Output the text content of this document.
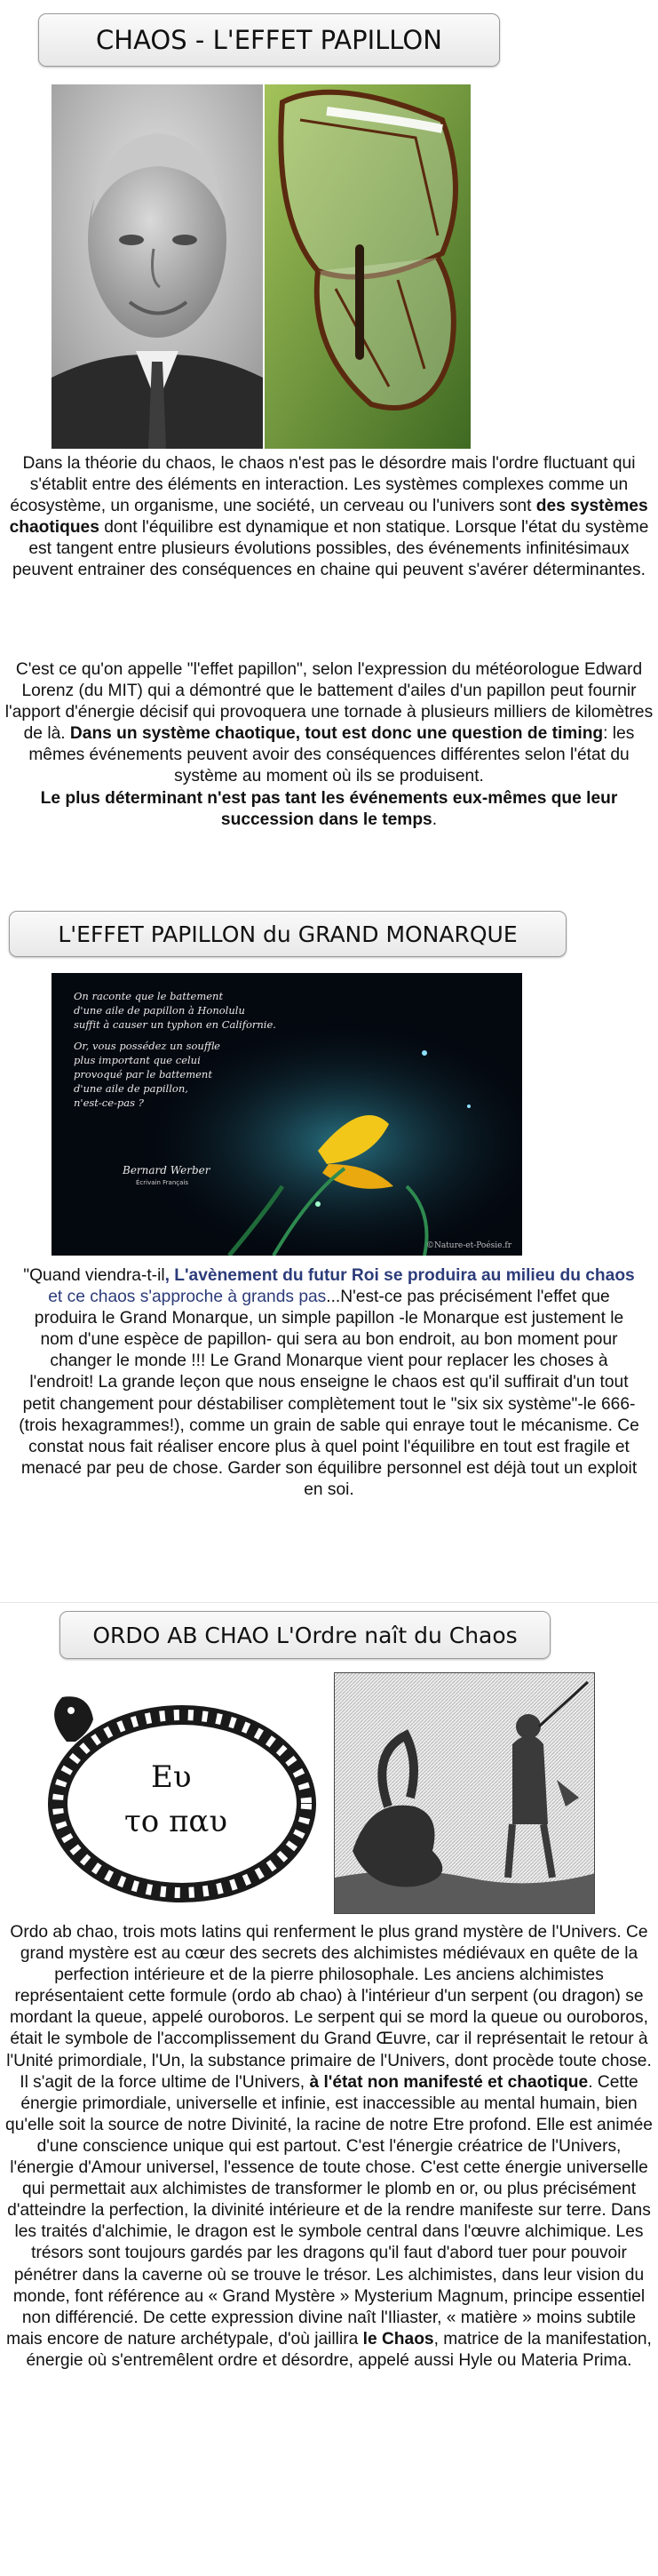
CHAOS - L'EFFET PAPILLON

Dans la théorie du chaos, le chaos n'est pas le désordre mais l'ordre fluctuant qui s'établit entre des éléments en interaction. Les systèmes complexes comme un écosystème, un organisme, une société, un cerveau ou l'univers sont des systèmes chaotiques dont l'équilibre est dynamique et non statique. Lorsque l'état du système est tangent entre plusieurs évolutions possibles, des événements infinitésimaux peuvent entrainer des conséquences en chaine qui peuvent s'avérer déterminantes.

C'est ce qu'on appelle "l'effet papillon", selon l'expression du météorologue Edward Lorenz (du MIT) qui a démontré que le battement d'ailes d'un papillon peut fournir l'apport d'énergie décisif qui provoquera une tornade à plusieurs milliers de kilomètres de là. Dans un système chaotique, tout est donc une question de timing: les mêmes événements peuvent avoir des conséquences différentes selon l'état du système au moment où ils se produisent.
Le plus déterminant n'est pas tant les événements eux-mêmes que leur succession dans le temps.

L'EFFET PAPILLON du GRAND MONARQUE
On raconte que le battement
d'une aile de papillon à Honolulu
suffit à causer un typhon en Californie.
Or, vous possédez un souffle
plus important que celui
provoqué par le battement
d'une aile de papillon,
n'est-ce-pas ?
Bernard Werber
Écrivain Français
©Nature-et-Poésie.fr

"Quand viendra-t-il, L'avènement du futur Roi se produira au milieu du chaos et ce chaos s'approche à grands pas...N'est-ce pas précisément l'effet que produira le Grand Monarque, un simple papillon -le Monarque est justement le nom d'une espèce de papillon- qui sera au bon endroit, au bon moment pour changer le monde !!! Le Grand Monarque vient pour replacer les choses à l'endroit! La grande leçon que nous enseigne le chaos est qu'il suffirait d'un tout petit changement pour déstabiliser complètement tout le "six six système"-le 666-(trois hexagrammes!), comme un grain de sable qui enraye tout le mécanisme. Ce constat nous fait réaliser encore plus à quel point l'équilibre en tout est fragile et menacé par peu de chose. Garder son équilibre personnel est déjà tout un exploit en soi.

ORDO AB CHAO L'Ordre naît du Chaos
Ευ
το παυ

Ordo ab chao, trois mots latins qui renferment le plus grand mystère de l'Univers. Ce grand mystère est au cœur des secrets des alchimistes médiévaux en quête de la perfection intérieure et de la pierre philosophale. Les anciens alchimistes représentaient cette formule (ordo ab chao) à l'intérieur d'un serpent (ou dragon) se mordant la queue, appelé ouroboros. Le serpent qui se mord la queue ou ouroboros, était le symbole de l'accomplissement du Grand Œuvre, car il représentait le retour à l'Unité primordiale, l'Un, la substance primaire de l'Univers, dont procède toute chose. Il s'agit de la force ultime de l'Univers, à l'état non manifesté et chaotique. Cette énergie primordiale, universelle et infinie, est inaccessible au mental humain, bien qu'elle soit la source de notre Divinité, la racine de notre Etre profond. Elle est animée d'une conscience unique qui est partout. C'est l'énergie créatrice de l'Univers, l'énergie d'Amour universel, l'essence de toute chose. C'est cette énergie universelle qui permettait aux alchimistes de transformer le plomb en or, ou plus précisément d'atteindre la perfection, la divinité intérieure et de la rendre manifeste sur terre. Dans les traités d'alchimie, le dragon est le symbole central dans l'œuvre alchimique. Les trésors sont toujours gardés par les dragons qu'il faut d'abord tuer pour pouvoir pénétrer dans la caverne où se trouve le trésor. Les alchimistes, dans leur vision du monde, font référence au « Grand Mystère » Mysterium Magnum, principe essentiel non différencié. De cette expression divine naît l'Iliaster, « matière » moins subtile mais encore de nature archétypale, d'où jaillira le Chaos, matrice de la manifestation, énergie où s'entremêlent ordre et désordre, appelé aussi Hyle ou Materia Prima.
